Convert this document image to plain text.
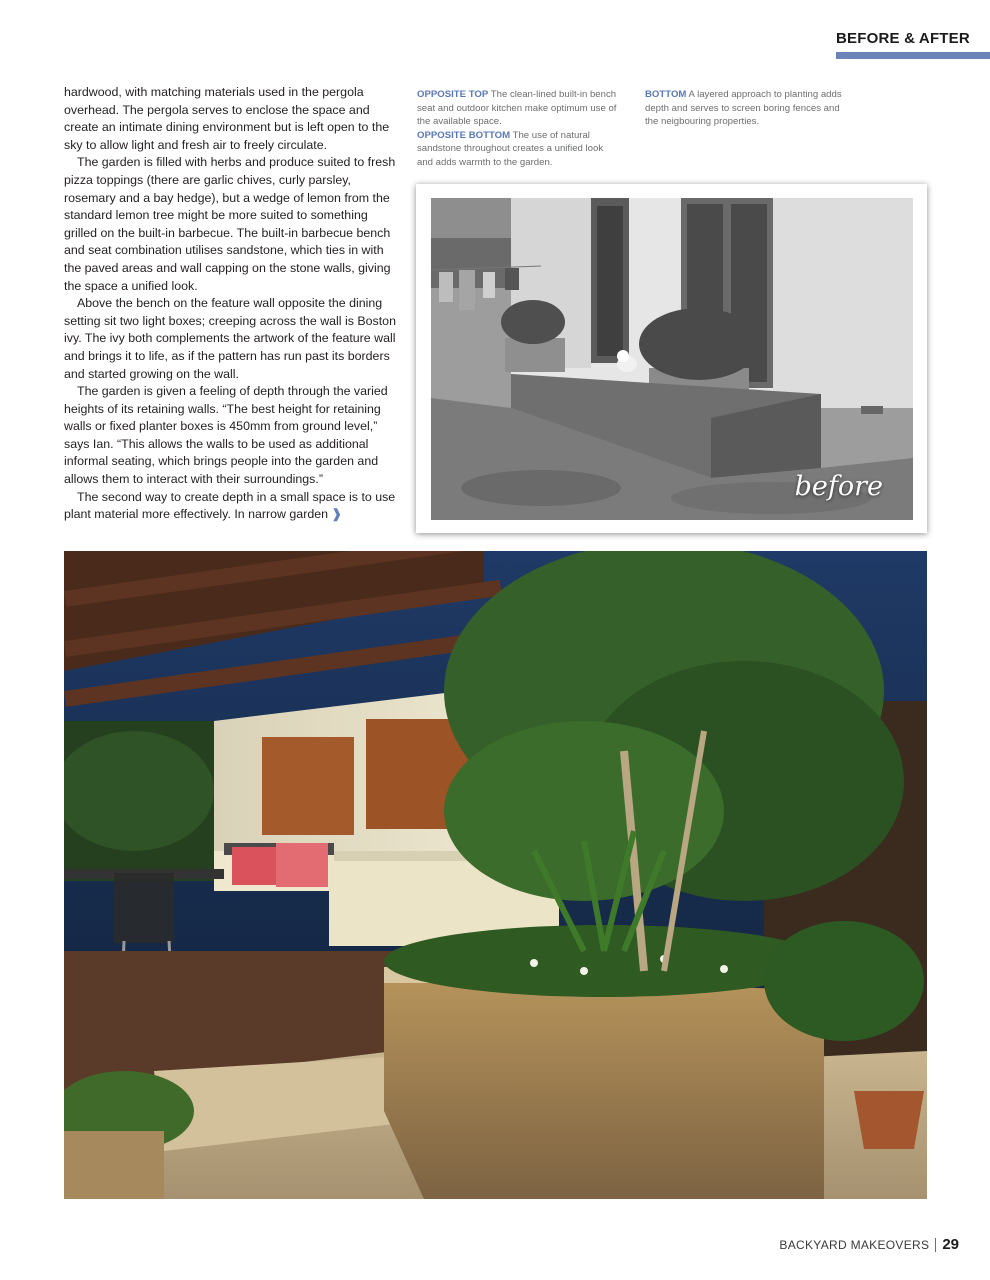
BEFORE & AFTER

hardwood, with matching materials used in the pergola overhead. The pergola serves to enclose the space and create an intimate dining environment but is left open to the sky to allow light and fresh air to freely circulate.

The garden is filled with herbs and produce suited to fresh pizza toppings (there are garlic chives, curly parsley, rosemary and a bay hedge), but a wedge of lemon from the standard lemon tree might be more suited to something grilled on the built-in barbecue. The built-in barbecue bench and seat combination utilises sandstone, which ties in with the paved areas and wall capping on the stone walls, giving the space a unified look.

Above the bench on the feature wall opposite the dining setting sit two light boxes; creeping across the wall is Boston ivy. The ivy both complements the artwork of the feature wall and brings it to life, as if the pattern has run past its borders and started growing on the wall.

The garden is given a feeling of depth through the varied heights of its retaining walls. “The best height for retaining walls or fixed planter boxes is 450mm from ground level,” says Ian. “This allows the walls to be used as additional informal seating, which brings people into the garden and allows them to interact with their surroundings.”

The second way to create depth in a small space is to use plant material more effectively. In narrow garden ❱

OPPOSITE TOP The clean-lined built-in bench seat and outdoor kitchen make optimum use of the available space.
OPPOSITE BOTTOM The use of natural sandstone throughout creates a unified look and adds warmth to the garden.
BOTTOM A layered approach to planting adds depth and serves to screen boring fences and the neigbouring properties.
before
BACKYARD MAKEOVERS 29
